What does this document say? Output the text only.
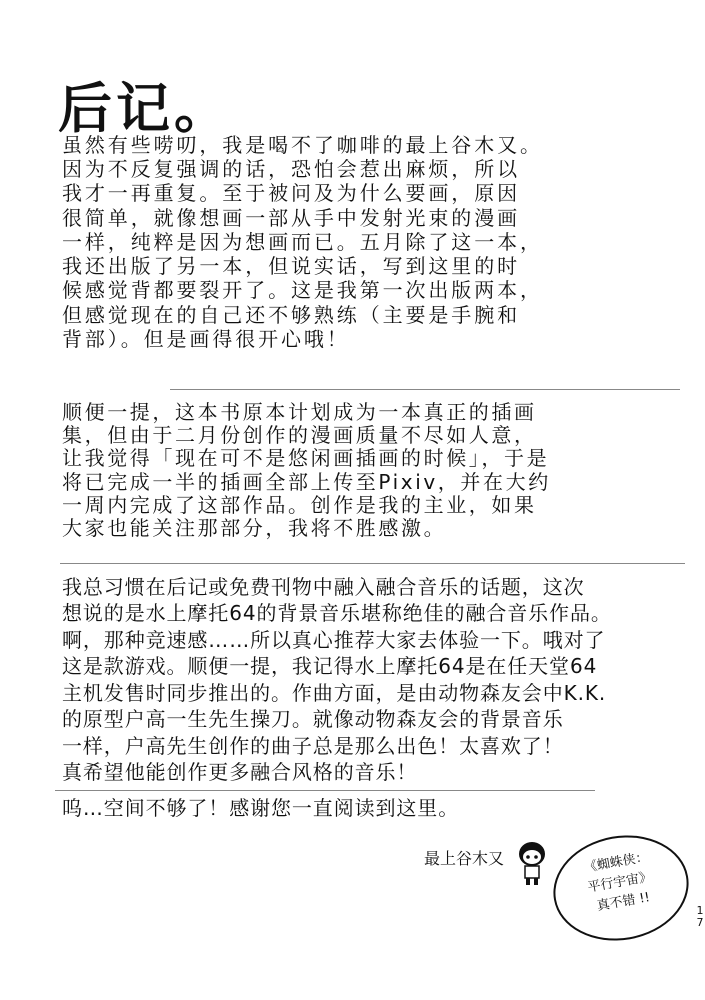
后记。
虽然有些唠叨，我是喝不了咖啡的最上谷木又。
因为不反复强调的话，恐怕会惹出麻烦，所以
我才一再重复。至于被问及为什么要画，原因
很简单，就像想画一部从手中发射光束的漫画
一样，纯粹是因为想画而已。五月除了这一本，
我还出版了另一本，但说实话，写到这里的时
候感觉背都要裂开了。这是我第一次出版两本，
但感觉现在的自己还不够熟练（主要是手腕和
背部）。但是画得很开心哦！
顺便一提，这本书原本计划成为一本真正的插画
集，但由于二月份创作的漫画质量不尽如人意，
让我觉得「现在可不是悠闲画插画的时候」，于是
将已完成一半的插画全部上传至Pixiv，并在大约
一周内完成了这部作品。创作是我的主业，如果
大家也能关注那部分，我将不胜感激。
我总习惯在后记或免费刊物中融入融合音乐的话题，这次
想说的是水上摩托64的背景音乐堪称绝佳的融合音乐作品。
啊，那种竞速感……所以真心推荐大家去体验一下。哦对了
这是款游戏。顺便一提，我记得水上摩托64是在任天堂64
主机发售时同步推出的。作曲方面，是由动物森友会中K.K.
的原型户高一生先生操刀。就像动物森友会的背景音乐
一样，户高先生创作的曲子总是那么出色！太喜欢了！
真希望他能创作更多融合风格的音乐！
呜…空间不够了！感谢您一直阅读到这里。
最上谷木又	《蜘蛛侠：
平行宇宙》
真不错 !!	1
7
